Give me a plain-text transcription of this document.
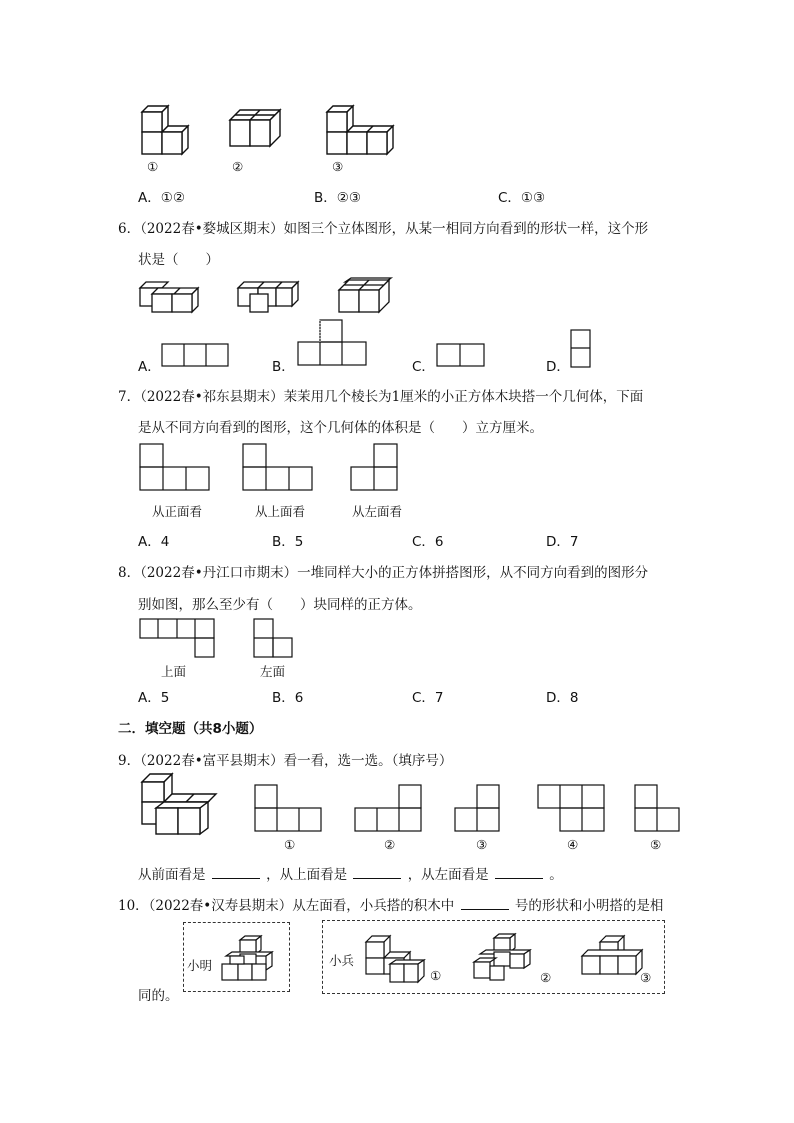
①	②	③
A．①②	B．②③	C．①③
6．（2022春•婺城区期末）如图三个立体图形，从某一相同方向看到的形状一样，这个形
状是（　　）
A．	B．	C．	D．
7．（2022春•祁东县期末）茉茉用几个棱长为1厘米的小正方体木块搭一个几何体，下面
是从不同方向看到的图形，这个几何体的体积是（　　）立方厘米。
从正面看	从上面看	从左面看
A．4	B．5	C．6	D．7
8．（2022春•丹江口市期末）一堆同样大小的正方体拼搭图形，从不同方向看到的图形分
别如图，那么至少有（　　）块同样的正方体。
上面	左面
A．5	B．6	C．7	D．8
二．填空题（共8小题）
9．（2022春•富平县期末）看一看，选一选。（填序号）
①	②	③	④	⑤
从前面看是	，从上面看是	，从左面看是	。
10．（2022春•汉寿县期末）从左面看，小兵搭的积木中	号的形状和小明搭的是相
小明	小兵
①	②	③
同的。
